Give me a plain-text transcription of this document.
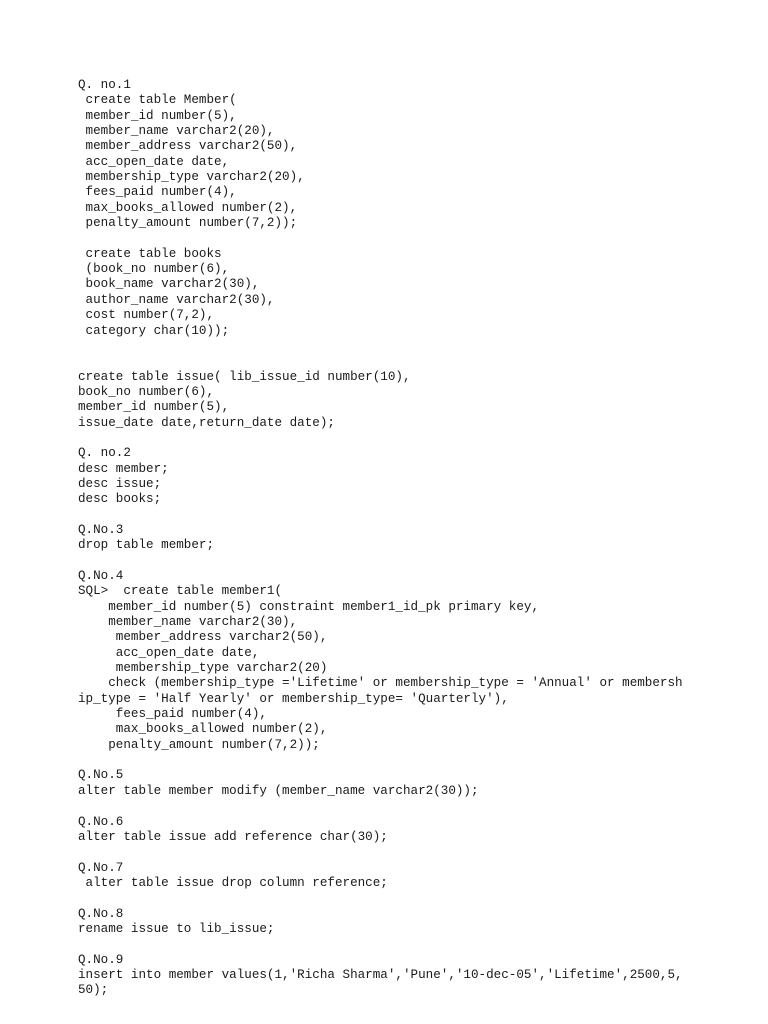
Q. no.1
create table Member(
member_id number(5),
member_name varchar2(20),
member_address varchar2(50),
acc_open_date date,
membership_type varchar2(20),
fees_paid number(4),
max_books_allowed number(2),
penalty_amount number(7,2));
create table books
(book_no number(6),
book_name varchar2(30),
author_name varchar2(30),
cost number(7,2),
category char(10));
create table issue( lib_issue_id number(10),
book_no number(6),
member_id number(5),
issue_date date,return_date date);
Q. no.2
desc member;
desc issue;
desc books;
Q.No.3
drop table member;
Q.No.4
SQL>  create table member1(
member_id number(5) constraint member1_id_pk primary key,
member_name varchar2(30),
member_address varchar2(50),
acc_open_date date,
membership_type varchar2(20)
check (membership_type ='Lifetime' or membership_type = 'Annual' or membersh
ip_type = 'Half Yearly' or membership_type= 'Quarterly'),
fees_paid number(4),
max_books_allowed number(2),
penalty_amount number(7,2));
Q.No.5
alter table member modify (member_name varchar2(30));
Q.No.6
alter table issue add reference char(30);
Q.No.7
alter table issue drop column reference;
Q.No.8
rename issue to lib_issue;
Q.No.9
insert into member values(1,'Richa Sharma','Pune','10-dec-05','Lifetime',2500,5,
50);
